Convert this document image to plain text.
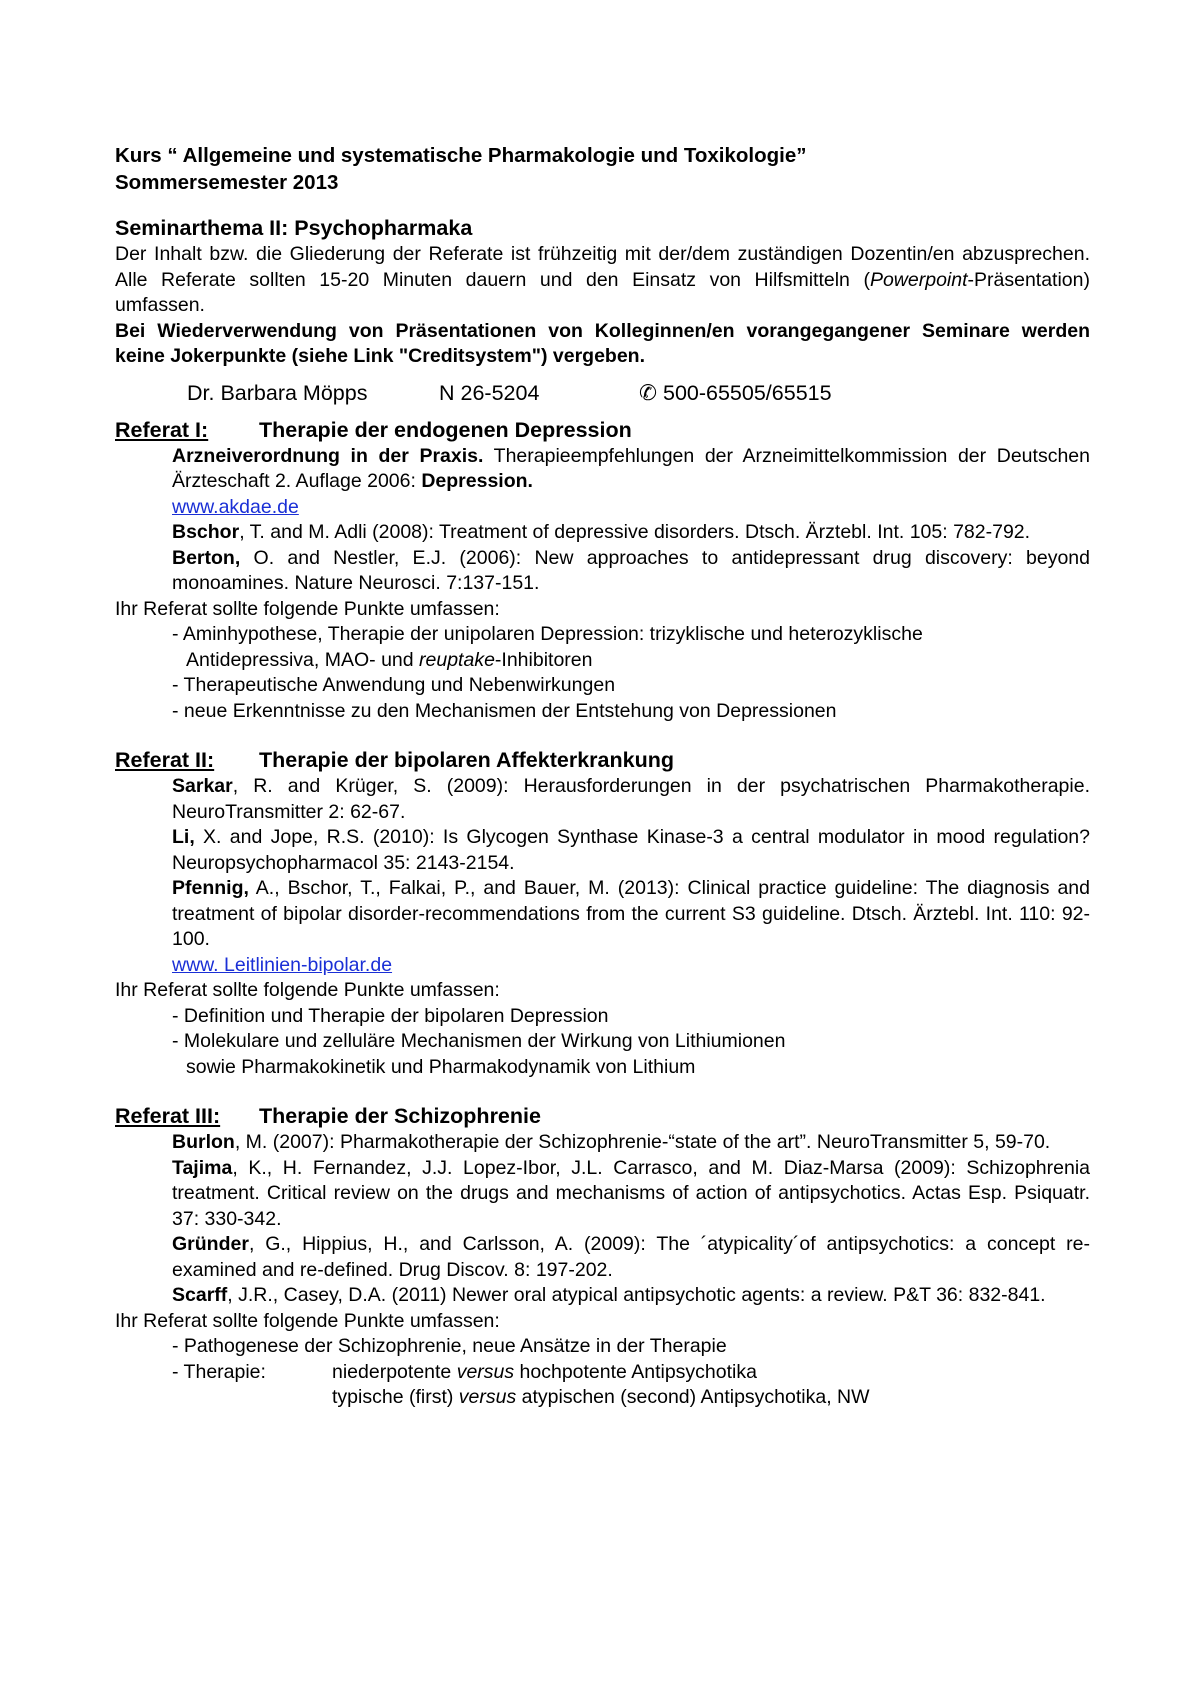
Kurs “ Allgemeine und systematische Pharmakologie und Toxikologie”
Sommersemester 2013
Seminarthema II: Psychopharmaka
Der Inhalt bzw. die Gliederung der Referate ist frühzeitig mit der/dem zuständigen Dozentin/en abzusprechen. Alle Referate sollten 15-20 Minuten dauern und den Einsatz von Hilfsmitteln (Powerpoint-Präsentation) umfassen.
Bei Wiederverwendung von Präsentationen von Kolleginnen/en vorangegangener Seminare werden keine Jokerpunkte (siehe Link "Creditsystem") vergeben.
Dr. Barbara Möpps	N 26-5204	✆ 500-65505/65515
Referat I:	Therapie der endogenen Depression
Arzneiverordnung in der Praxis. Therapieempfehlungen der Arzneimittelkommission der Deutschen Ärzteschaft 2. Auflage 2006: Depression.
www.akdae.de
Bschor, T. and M. Adli (2008): Treatment of depressive disorders. Dtsch. Ärztebl. Int. 105: 782-792.
Berton, O. and Nestler, E.J. (2006): New approaches to antidepressant drug discovery: beyond monoamines. Nature Neurosci. 7:137-151.
Ihr Referat sollte folgende Punkte umfassen:
- Aminhypothese, Therapie der unipolaren Depression: trizyklische und heterozyklische
Antidepressiva, MAO- und reuptake-Inhibitoren
- Therapeutische Anwendung und Nebenwirkungen
- neue Erkenntnisse zu den Mechanismen der Entstehung von Depressionen
Referat II:	Therapie der bipolaren Affekterkrankung
Sarkar, R. and Krüger, S. (2009): Herausforderungen in der psychatrischen Pharmakotherapie. NeuroTransmitter 2: 62-67.
Li, X. and Jope, R.S. (2010): Is Glycogen Synthase Kinase-3 a central modulator in mood regulation? Neuropsychopharmacol 35: 2143-2154.
Pfennig, A., Bschor, T., Falkai, P., and Bauer, M. (2013): Clinical practice guideline: The diagnosis and treatment of bipolar disorder-recommendations from the current S3 guideline. Dtsch. Ärztebl. Int. 110: 92-100.
www. Leitlinien-bipolar.de
Ihr Referat sollte folgende Punkte umfassen:
- Definition und Therapie der bipolaren Depression
- Molekulare und zelluläre Mechanismen der Wirkung von Lithiumionen
sowie Pharmakokinetik und Pharmakodynamik von Lithium
Referat III:	Therapie der Schizophrenie
Burlon, M. (2007): Pharmakotherapie der Schizophrenie-“state of the art”. NeuroTransmitter 5, 59-70.
Tajima, K., H. Fernandez, J.J. Lopez-Ibor, J.L. Carrasco, and M. Diaz-Marsa (2009): Schizophrenia treatment. Critical review on the drugs and mechanisms of action of antipsychotics. Actas Esp. Psiquatr. 37: 330-342.
Gründer, G., Hippius, H., and Carlsson, A. (2009): The ´atypicality´of antipsychotics: a concept re-examined and re-defined. Drug Discov. 8: 197-202.
Scarff, J.R., Casey, D.A. (2011) Newer oral atypical antipsychotic agents: a review. P&T 36: 832-841.
Ihr Referat sollte folgende Punkte umfassen:
- Pathogenese der Schizophrenie, neue Ansätze in der Therapie
- Therapie:	niederpotente versus hochpotente Antipsychotika
typische (first) versus atypischen (second) Antipsychotika, NW
